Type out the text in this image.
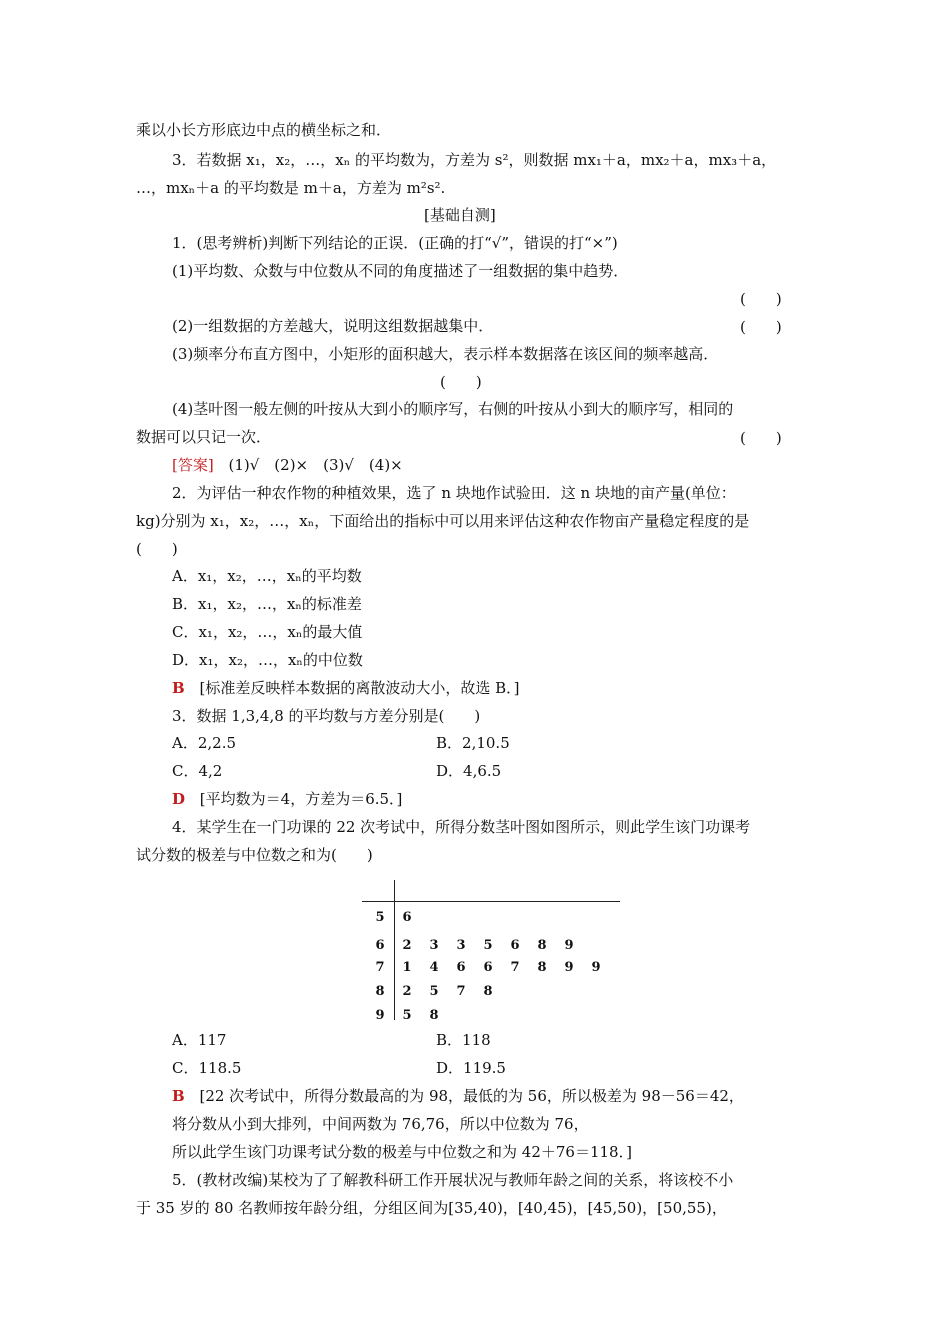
乘以小长方形底边中点的横坐标之和．
3．若数据 x₁，x₂，…，xₙ 的平均数为，方差为 s²，则数据 mx₁＋a，mx₂＋a，mx₃＋a，
…，mxₙ＋a 的平均数是 m＋a，方差为 m²s².
[基础自测]
1．(思考辨析)判断下列结论的正误．(正确的打“√”，错误的打“×”)
(1)平均数、众数与中位数从不同的角度描述了一组数据的集中趋势．
(　　)
(2)一组数据的方差越大，说明这组数据越集中．	(　　)
(3)频率分布直方图中，小矩形的面积越大，表示样本数据落在该区间的频率越高．
(　　)
(4)茎叶图一般左侧的叶按从大到小的顺序写，右侧的叶按从小到大的顺序写，相同的
数据可以只记一次．	(　　)
[答案] (1)√　(2)×　(3)√　(4)×
2．为评估一种农作物的种植效果，选了 n 块地作试验田．这 n 块地的亩产量(单位：
kg)分别为 x₁，x₂，…，xₙ，下面给出的指标中可以用来评估这种农作物亩产量稳定程度的是
(　　)
A．x₁，x₂，…，xₙ的平均数
B．x₁，x₂，…，xₙ的标准差
C．x₁，x₂，…，xₙ的最大值
D．x₁，x₂，…，xₙ的中位数
B [标准差反映样本数据的离散波动大小，故选 B．]
3．数据 1,3,4,8 的平均数与方差分别是(　　)
A．2,2.5	B．2,10.5
C．4,2	D．4,6.5
D [平均数为＝4，方差为＝6.5．]
4．某学生在一门功课的 22 次考试中，所得分数茎叶图如图所示，则此学生该门功课考
试分数的极差与中位数之和为(　　)
5 6
6 2 3 3 5 6 8 9
7 1 4 6 6 7 8 9 9
8 2 5 7 8
9 5 8
A．117	B．118
C．118.5	D．119.5
B [22 次考试中，所得分数最高的为 98，最低的为 56，所以极差为 98－56＝42，
将分数从小到大排列，中间两数为 76,76，所以中位数为 76，
所以此学生该门功课考试分数的极差与中位数之和为 42＋76＝118．]
5．(教材改编)某校为了了解教科研工作开展状况与教师年龄之间的关系，将该校不小
于 35 岁的 80 名教师按年龄分组，分组区间为[35,40)，[40,45)，[45,50)，[50,55)，
